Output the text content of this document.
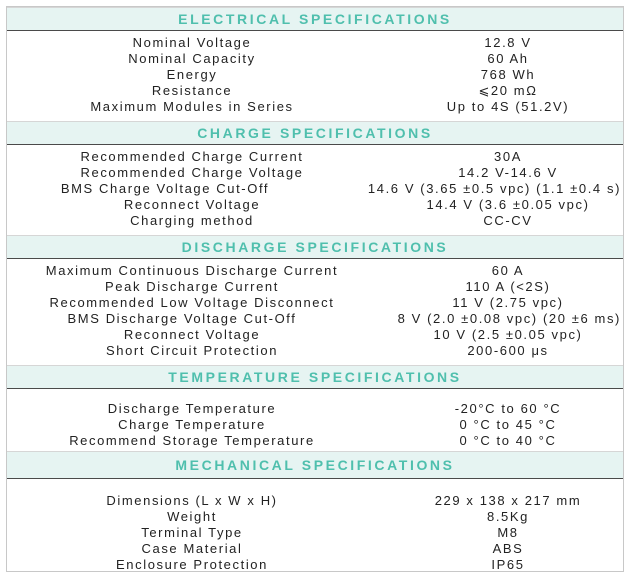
ELECTRICAL SPECIFICATIONS
Nominal Voltage	12.8 V
Nominal Capacity	60 Ah
Energy	768 Wh
Resistance	⩽20 mΩ
Maximum Modules in Series	Up to 4S (51.2V)
CHARGE SPECIFICATIONS
Recommended Charge Current	30A
Recommended Charge Voltage	14.2 V-14.6 V
BMS Charge Voltage Cut-Off	14.6 V (3.65 ±0.5 vpc) (1.1 ±0.4 s)
Reconnect Voltage	14.4 V (3.6 ±0.05 vpc)
Charging method	CC-CV
DISCHARGE SPECIFICATIONS
Maximum Continuous Discharge Current	60 A
Peak Discharge Current	110 A (<2S)
Recommended Low Voltage Disconnect	11 V (2.75 vpc)
BMS Discharge Voltage Cut-Off	8 V (2.0 ±0.08 vpc) (20 ±6 ms)
Reconnect Voltage	10 V (2.5 ±0.05 vpc)
Short Circuit Protection	200-600 μs
TEMPERATURE SPECIFICATIONS
Discharge Temperature	-20°C to 60 °C
Charge Temperature	0 °C to 45 °C
Recommend Storage Temperature	0 °C to 40 °C
MECHANICAL SPECIFICATIONS
Dimensions (L x W x H)	229 x 138 x 217 mm
Weight	8.5Kg
Terminal Type	M8
Case Material	ABS
Enclosure Protection	IP65
